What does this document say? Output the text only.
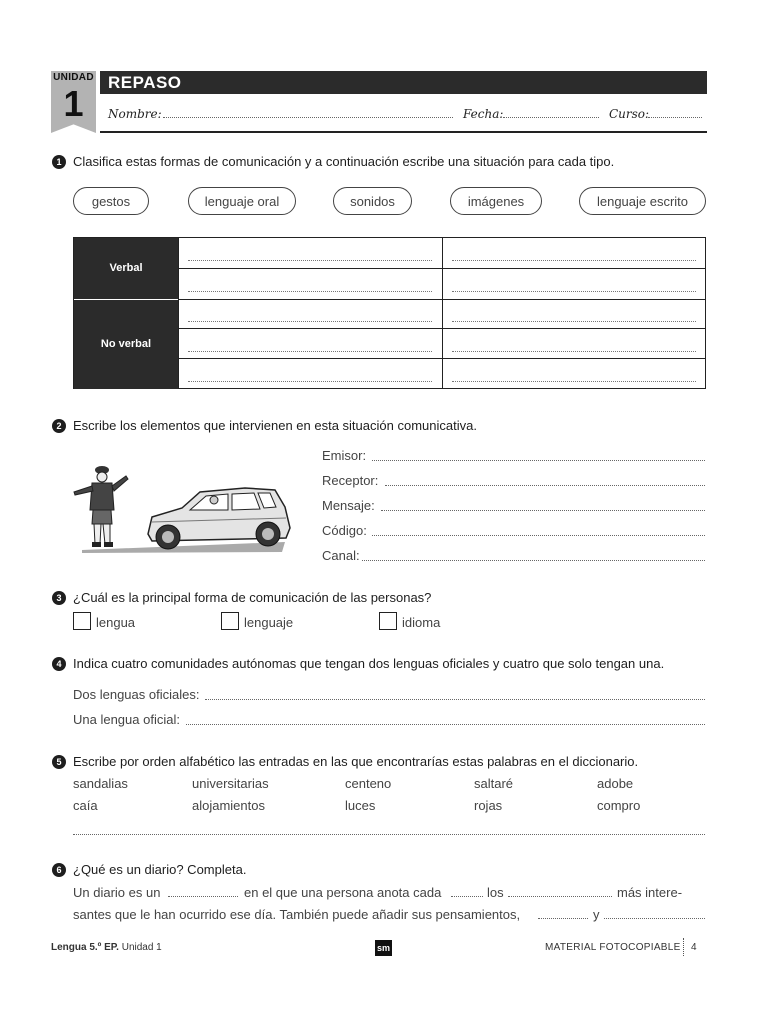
UNIDAD
1
REPASO
Nombre:	Fecha:	Curso:
1 Clasifica estas formas de comunicación y a continuación escribe una situación para cada tipo.
gestos	lenguaje oral	sonidos	imágenes	lenguaje escrito
Verbal
No verbal
2 Escribe los elementos que intervienen en esta situación comunicativa.
Emisor:
Receptor:
Mensaje:
Código:
Canal:
3 ¿Cuál es la principal forma de comunicación de las personas?
lengua	lenguaje	idioma
4 Indica cuatro comunidades autónomas que tengan dos lenguas oficiales y cuatro que solo tengan una.
Dos lenguas oficiales:
Una lengua oficial:
5 Escribe por orden alfabético las entradas en las que encontrarías estas palabras en el diccionario.
sandalias	universitarias	centeno	saltaré	adobe
caía	alojamientos	luces	rojas	compro
6 ¿Qué es un diario? Completa.
Un diario es un	en el que una persona anota cada	los	más intere-
santes que le han ocurrido ese día. También puede añadir sus pensamientos,	y
Lengua 5.º EP. Unidad 1	sm	MATERIAL FOTOCOPIABLE 4
